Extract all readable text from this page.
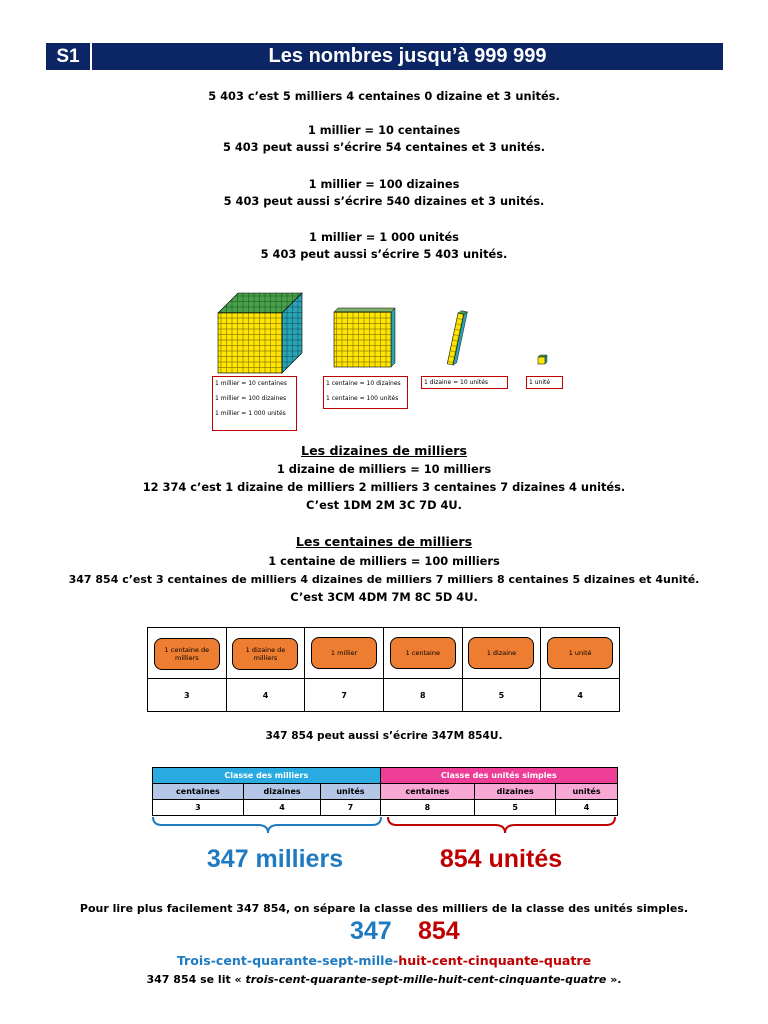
S1	Les nombres jusqu’à 999 999
5 403 c’est 5 milliers 4 centaines 0 dizaine et 3 unités.
1 millier = 10 centaines
5 403 peut aussi s’écrire 54 centaines et 3 unités.
1 millier = 100 dizaines
5 403 peut aussi s’écrire 540 dizaines et 3 unités.
1 millier = 1 000 unités
5 403 peut aussi s’écrire 5 403 unités.
1 millier = 10 centaines
1 millier = 100 dizaines
1 millier = 1 000 unités
1 centaine = 10 dizaines
1 centaine = 100 unités
1 dizaine = 10 unités	1 unité
Les dizaines de milliers
1 dizaine de milliers = 10 milliers
12 374 c’est 1 dizaine de milliers 2 milliers 3 centaines 7 dizaines 4 unités.
C’est 1DM 2M 3C 7D 4U.
Les centaines de milliers
1 centaine de milliers = 100 milliers
347 854 c’est 3 centaines de milliers 4 dizaines de milliers 7 milliers 8 centaines 5 dizaines et 4unité.
C’est 3CM 4DM 7M 8C 5D 4U.
1 centaine de milliers	1 dizaine de milliers	1 millier	1 centaine	1 dizaine	1 unité
3	4	7	8	5	4
347 854 peut aussi s’écrire 347M 854U.
Classe des milliers			Classe des unités simples		
centaines	dizaines	unités	centaines	dizaines	unités
3	4	7	8	5	4
347 milliers	854 unités
Pour lire plus facilement 347 854, on sépare la classe des milliers de la classe des unités simples.
347 854
Trois-cent-quarante-sept-mille-huit-cent-cinquante-quatre
347 854 se lit « trois-cent-quarante-sept-mille-huit-cent-cinquante-quatre ».
